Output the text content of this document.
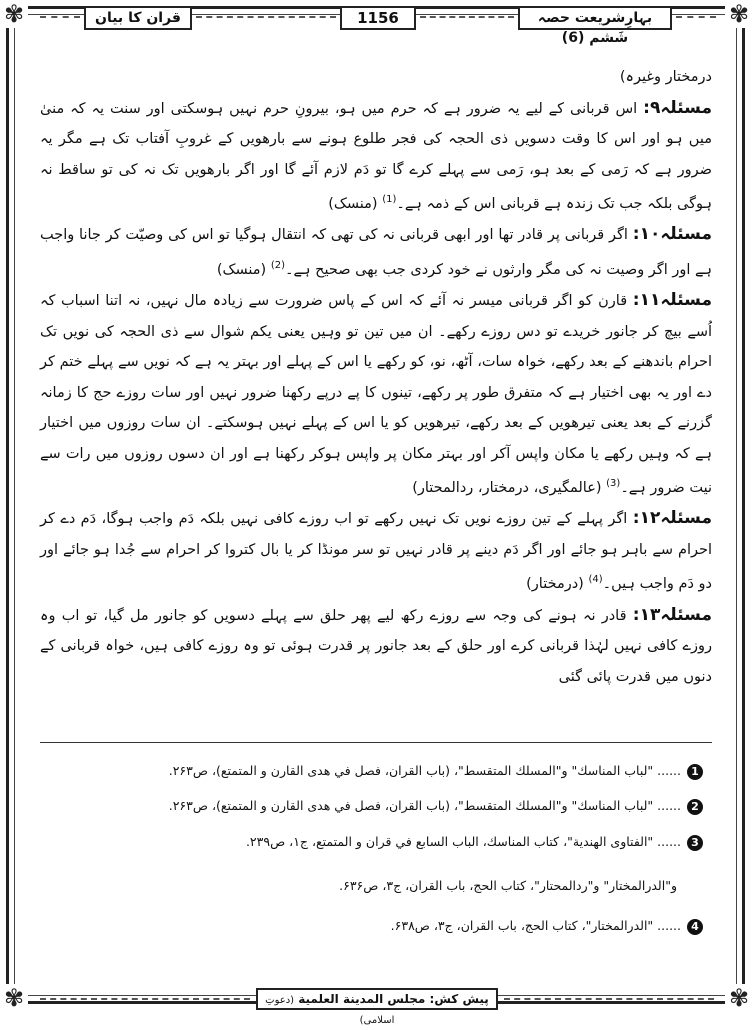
✾	✾
✾	✾
قران کا بیان	1156	بہارِشریعت حصہ شَشم (6)

درمختار وغیرہ)

مسئلہ۹: اس قربانی کے لیے یہ ضرور ہے کہ حرم میں ہو، بیرونِ حرم نہیں ہوسکتی اور سنت یہ کہ منیٰ میں ہو اور اس کا وقت دسویں ذی الحجہ کی فجر طلوع ہونے سے بارھویں کے غروبِ آفتاب تک ہے مگر یہ ضرور ہے کہ رَمی کے بعد ہو، رَمی سے پہلے کرے گا تو دَم لازم آئے گا اور اگر بارھویں تک نہ کی تو ساقط نہ ہوگی بلکہ جب تک زندہ ہے قربانی اس کے ذمہ ہے۔$^{(1)}$ (منسک)

مسئلہ۱۰: اگر قربانی پر قادر تھا اور ابھی قربانی نہ کی تھی کہ انتقال ہوگیا تو اس کی وصیّت کر جانا واجب ہے اور اگر وصیت نہ کی مگر وارثوں نے خود کردی جب بھی صحیح ہے۔$^{(2)}$ (منسک)

مسئلہ۱۱: قارن کو اگر قربانی میسر نہ آئے کہ اس کے پاس ضرورت سے زیادہ مال نہیں، نہ اتنا اسباب کہ اُسے بیچ کر جانور خریدے تو دس روزے رکھے۔ ان میں تین تو وہیں یعنی یکم شوال سے ذی الحجہ کی نویں تک احرام باندھنے کے بعد رکھے، خواہ سات، آٹھ، نو، کو رکھے یا اس کے پہلے اور بہتر یہ ہے کہ نویں سے پہلے ختم کر دے اور یہ بھی اختیار ہے کہ متفرق طور پر رکھے، تینوں کا پے درپے رکھنا ضرور نہیں اور سات روزے حج کا زمانہ گزرنے کے بعد یعنی تیرھویں کے بعد رکھے، تیرھویں کو یا اس کے پہلے نہیں ہوسکتے۔ ان سات روزوں میں اختیار ہے کہ وہیں رکھے یا مکان واپس آکر اور بہتر مکان پر واپس ہوکر رکھنا ہے اور ان دسوں روزوں میں رات سے نیت ضرور ہے۔$^{(3)}$ (عالمگیری، درمختار، ردالمحتار)

مسئلہ۱۲: اگر پہلے کے تین روزے نویں تک نہیں رکھے تو اب روزے کافی نہیں بلکہ دَم واجب ہوگا، دَم دے کر احرام سے باہر ہو جائے اور اگر دَم دینے پر قادر نہیں تو سر مونڈا کر یا بال کتروا کر احرام سے جُدا ہو جائے اور دو دَم واجب ہیں۔$^{(4)}$ (درمختار)

مسئلہ۱۳: قادر نہ ہونے کی وجہ سے روزے رکھ لیے پھر حلق سے پہلے دسویں کو جانور مل گیا، تو اب وہ روزے کافی نہیں لہٰذا قربانی کرے اور حلق کے بعد جانور پر قدرت ہوئی تو وہ روزے کافی ہیں، خواہ قربانی کے دنوں میں قدرت پائی گئی

1...... "لباب المناسك" و"المسلك المتقسط"، (باب القران، فصل في هدى القارن و المتمتع)، ص۲۶۳.
2...... "لباب المناسك" و"المسلك المتقسط"، (باب القران، فصل في هدى القارن و المتمتع)، ص۲۶۳.
3...... "الفتاوى الهندية"، كتاب المناسك، الباب السابع في قران و المتمتع، ج۱، ص۲۳۹.
و"الدرالمختار" و"ردالمحتار"، كتاب الحج، باب القران، ج۳، ص۶۳۶.
4...... "الدرالمختار"، كتاب الحج، باب القران، ج۳، ص۶۳۸.
پیش کش: مجلس المدينة العلمية (دعوتِ اسلامی)
